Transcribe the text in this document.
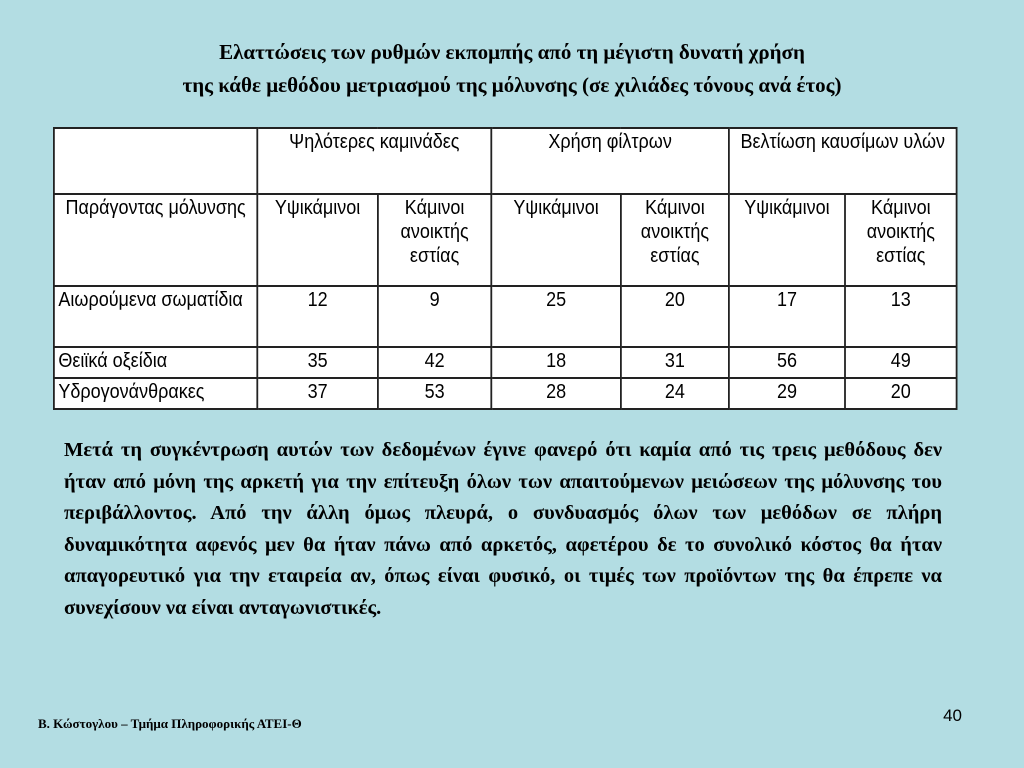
Ελαττώσεις των ρυθμών εκπομπής από τη μέγιστη δυνατή χρήση
της κάθε μεθόδου μετριασμού της μόλυνσης (σε χιλιάδες τόνους ανά έτος)
	Ψηλότερες καμινάδες		Χρήση φίλτρων		Βελτίωση καυσίμων υλών	
Παράγοντας μόλυνσης	Υψικάμινοι	Κάμινοι ανοικτής εστίας	Υψικάμινοι	Κάμινοι ανοικτής εστίας	Υψικάμινοι	Κάμινοι ανοικτής εστίας
Αιωρούμενα σωματίδια	12	9	25	20	17	13
Θειϊκά οξείδια	35	42	18	31	56	49
Υδρογονάνθρακες	37	53	28	24	29	20
Μετά τη συγκέντρωση αυτών των δεδομένων έγινε φανερό ότι καμία από τις τρεις μεθόδους δεν ήταν από μόνη της αρκετή για την επίτευξη όλων των απαιτούμενων μειώσεων της μόλυνσης του περιβάλλοντος. Από την άλλη όμως πλευρά, ο συνδυασμός όλων των μεθόδων σε πλήρη δυναμικότητα αφενός μεν θα ήταν πάνω από αρκετός, αφετέρου δε το συνολικό κόστος θα ήταν απαγορευτικό για την εταιρεία αν, όπως είναι φυσικό, οι τιμές των προϊόντων της θα έπρεπε να συνεχίσουν να είναι ανταγωνιστικές.
Β. Κώστογλου – Τμήμα Πληροφορικής ΑΤΕΙ-Θ	40
